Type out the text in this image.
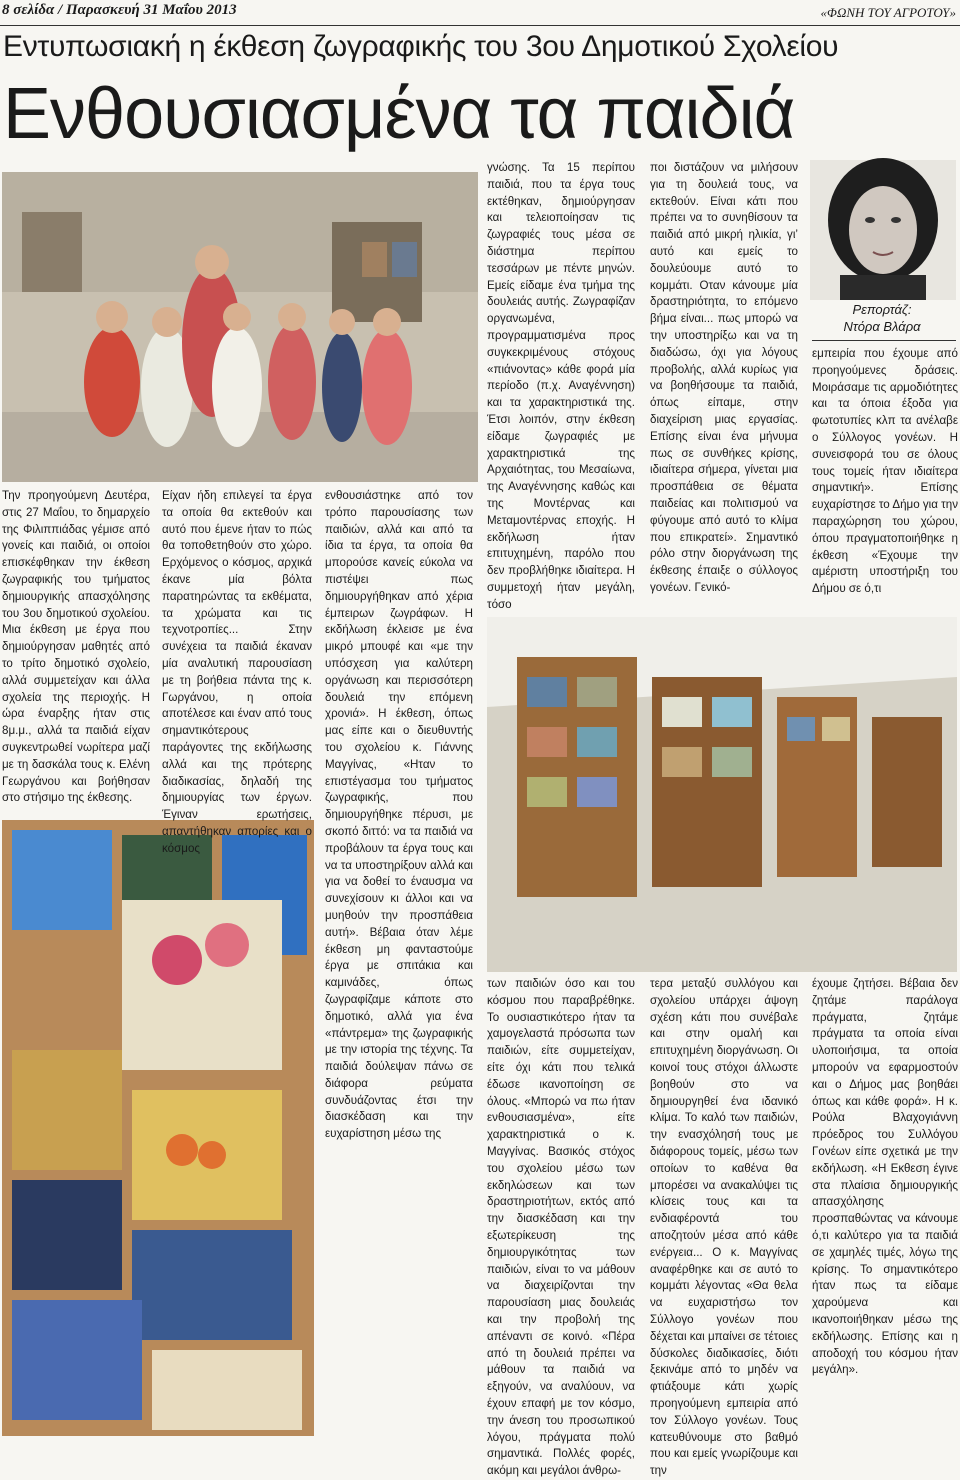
8 σελίδα / Παρασκευή 31 Μαΐου 2013	«ΦΩΝΗ ΤΟΥ ΑΓΡΟΤΟΥ»
Εντυπωσιακή η έκθεση ζωγραφικής του 3ου Δημοτικού Σχολείου
Ενθουσιασμένα τα παιδιά
Ρεπορτάζ:
Ντόρα Βλάρα

Την προηγούμενη Δευτέρα, στις 27 Μαΐου, το δημαρχείο της Φιλιππιάδας γέμισε από γονείς και παιδιά, οι οποίοι επισκέφθηκαν την έκθεση ζωγραφικής του τμήματος δημιουργικής απασχόλησης του 3ου δημοτικού σχολείου. Μια έκθεση με έργα που δημιούργησαν μαθητές από το τρίτο δημοτικό σχολείο, αλλά συμμετείχαν και άλλα σχολεία της περιοχής. Η ώρα έναρξης ήταν στις 8μ.μ., αλλά τα παιδιά είχαν συγκεντρωθεί νωρίτερα μαζί με τη δασκάλα τους κ. Ελένη Γεωργάνου και βοήθησαν στο στήσιμο της έκθεσης.

Είχαν ήδη επιλεγεί τα έργα τα οποία θα εκτεθούν και αυτό που έμενε ήταν το πώς θα τοποθετηθούν στο χώρο. Ερχόμενος ο κόσμος, αρχικά έκανε μία βόλτα παρατηρώντας τα εκθέματα, τα χρώματα και τις τεχνοτροπίες... Στην συνέχεια τα παιδιά έκαναν μία αναλυτική παρουσίαση με τη βοήθεια πάντα της κ. Γωργάνου, η οποία αποτέλεσε και έναν από τους σημαντικότερους παράγοντες της εκδήλωσης αλλά και της πρότερης διαδικασίας, δηλαδή της δημιουργίας των έργων. Έγιναν ερωτήσεις, απαντήθηκαν απορίες και ο κόσμος

ενθουσιάστηκε από τον τρόπο παρουσίασης των παιδιών, αλλά και από τα ίδια τα έργα, τα οποία θα μπορούσε κανείς εύκολα να πιστέψει πως δημιουργήθηκαν από χέρια έμπειρων ζωγράφων. Η εκδήλωση έκλεισε με ένα μικρό μπουφέ και «με την υπόσχεση για καλύτερη οργάνωση και περισσότερη δουλειά την επόμενη χρονιά». Η έκθεση, όπως μας είπε και ο διευθυντής του σχολείου κ. Γιάννης Μαγγίνας, «Ηταν το επιστέγασμα του τμήματος ζωγραφικής, που δημιουργήθηκε πέρυσι, με σκοπό διττό: να τα παιδιά να προβάλουν τα έργα τους και να τα υποστηρίξουν αλλά και για να δοθεί το έναυσμα να συνεχίσουν κι άλλοι και να μυηθούν την προσπάθεια αυτή». Βέβαια όταν λέμε έκθεση μη φανταστούμε έργα με σπιτάκια και καμινάδες, όπως ζωγραφίζαμε κάποτε στο δημοτικό, αλλά για ένα «πάντρεμα» της ζωγραφικής με την ιστορία της τέχνης. Τα παιδιά δούλεψαν πάνω σε διάφορα ρεύματα συνδυάζοντας έτσι την διασκέδαση και την ευχαρίστηση μέσω της

γνώσης. Τα 15 περίπου παιδιά, που τα έργα τους εκτέθηκαν, δημιούργησαν και τελειοποίησαν τις ζωγραφιές τους μέσα σε διάστημα περίπου τεσσάρων με πέντε μηνών. Εμείς είδαμε ένα τμήμα της δουλειάς αυτής. Ζωγραφίζαν οργανωμένα, προγραμματισμένα προς συγκεκριμένους στόχους «πιάνοντας» κάθε φορά μία περίοδο (π.χ. Αναγέννηση) και τα χαρακτηριστικά της. Έτσι λοιπόν, στην έκθεση είδαμε ζωγραφιές με χαρακτηριστικά της Αρχαιότητας, του Μεσαίωνα, της Αναγέννησης καθώς και της Μοντέρνας και Μεταμοντέρνας εποχής. Η εκδήλωση ήταν επιτυχημένη, παρόλο που δεν προβλήθηκε ιδιαίτερα. Η συμμετοχή ήταν μεγάλη, τόσο

ποι διστάζουν να μιλήσουν για τη δουλειά τους, να εκτεθούν. Είναι κάτι που πρέπει να το συνηθίσουν τα παιδιά από μικρή ηλικία, γι’ αυτό και εμείς το δουλεύουμε αυτό το κομμάτι. Οταν κάνουμε μία δραστηριότητα, το επόμενο βήμα είναι... πως μπορώ να την υποστηρίξω και να τη διαδώσω, όχι για λόγους προβολής, αλλά κυρίως για να βοηθήσουμε τα παιδιά, όπως είπαμε, στην διαχείριση μιας εργασίας. Επίσης είναι ένα μήνυμα πως σε συνθήκες κρίσης, ιδιαίτερα σήμερα, γίνεται μια προσπάθεια σε θέματα παιδείας και πολιτισμού να φύγουμε από αυτό το κλίμα που επικρατεί». Σημαντικό ρόλο στην διοργάνωση της έκθεσης έπαιξε ο σύλλογος γονέων. Γενικό-

εμπειρία που έχουμε από προηγούμενες δράσεις. Μοιράσαμε τις αρμοδιότητες και τα όποια έξοδα για φωτοτυπίες κλπ τα ανέλαβε ο Σύλλογος γονέων. Η συνεισφορά του σε όλους τους τομείς ήταν ιδιαίτερα σημαντική». Επίσης ευχαρίστησε το Δήμο για την παραχώρηση του χώρου, όπου πραγματοποιήθηκε η έκθεση «Έχουμε την αμέριστη υποστήριξη του Δήμου σε ό,τι

των παιδιών όσο και του κόσμου που παραβρέθηκε. Το ουσιαστικότερο ήταν τα χαμογελαστά πρόσωπα των παιδιών, είτε συμμετείχαν, είτε όχι κάτι που τελικά έδωσε ικανοποίηση σε όλους. «Μπορώ να πω ήταν ενθουσιασμένα», είτε χαρακτηριστικά ο κ. Μαγγίνας. Βασικός στόχος του σχολείου μέσω των εκδηλώσεων και των δραστηριοτήτων, εκτός από την διασκέδαση και την εξωτερίκευση της δημιουργικότητας των παιδιών, είναι το να μάθουν να διαχειρίζονται την παρουσίαση μιας δουλειάς και την προβολή της απέναντι σε κοινό. «Πέρα από τη δουλειά πρέπει να μάθουν τα παιδιά να εξηγούν, να αναλύουν, να έχουν επαφή με τον κόσμο, την άνεση του προσωπικού λόγου, πράγματα πολύ σημαντικά. Πολλές φορές, ακόμη και μεγάλοι άνθρω-

τερα μεταξύ συλλόγου και σχολείου υπάρχει άψογη σχέση κάτι που συνέβαλε και στην ομαλή και επιτυχημένη διοργάνωση. Οι κοινοί τους στόχοι άλλωστε βοηθούν στο να δημιουργηθεί ένα ιδανικό κλίμα. Το καλό των παιδιών, την ενασχόλησή τους με διάφορους τομείς, μέσω των οποίων το καθένα θα μπορέσει να ανακαλύψει τις κλίσεις τους και τα ενδιαφέροντά του αποζητούν μέσα από κάθε ενέργεια... Ο κ. Μαγγίνας αναφέρθηκε και σε αυτό το κομμάτι λέγοντας «Θα θελα να ευχαριστήσω τον Σύλλογο γονέων που δέχεται και μπαίνει σε τέτοιες δύσκολες διαδικασίες, διότι ξεκινάμε από το μηδέν να φτιάξουμε κάτι χωρίς προηγούμενη εμπειρία από τον Σύλλογο γονέων. Τους κατευθύνουμε στο βαθμό που και εμείς γνωρίζουμε και την

έχουμε ζητήσει. Βέβαια δεν ζητάμε παράλογα πράγματα, ζητάμε πράγματα τα οποία είναι υλοποιήσιμα, τα οποία μπορούν να εφαρμοστούν και ο Δήμος μας βοηθάει όπως και κάθε φορά». Η κ. Ρούλα Βλαχογιάννη πρόεδρος του Συλλόγου Γονέων είπε σχετικά με την εκδήλωση. «Η Εκθεση έγινε στα πλαίσια δημιουργικής απασχόλησης προσπαθώντας να κάνουμε ό,τι καλύτερο για τα παιδιά σε χαμηλές τιμές, λόγω της κρίσης. Το σημαντικότερο ήταν πως τα είδαμε χαρούμενα και ικανοποιήθηκαν μέσω της εκδήλωσης. Επίσης και η αποδοχή του κόσμου ήταν μεγάλη».
